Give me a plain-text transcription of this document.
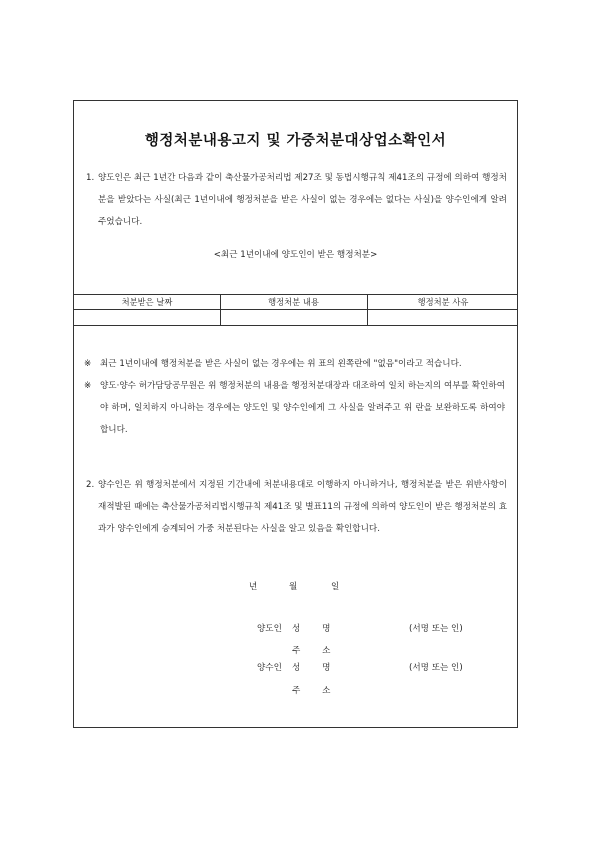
행정처분내용고지 및 가중처분대상업소확인서
1. 양도인은 최근 1년간 다음과 같이 축산물가공처리법 제27조 및 동법시행규칙 제41조의 규정에 의하여 행정처분을 받았다는 사실(최근 1년이내에 행정처분을 받은 사실이 없는 경우에는 없다는 사실)을 양수인에게 알려 주었습니다.
<최근 1년이내에 양도인이 받은 행정처분>
처분받은 날짜	행정처분 내용	행정처분 사유
※ 최근 1년이내에 행정처분을 받은 사실이 없는 경우에는 위 표의 왼쪽란에 "없음"이라고 적습니다.
※ 양도·양수 허가담당공무원은 위 행정처분의 내용을 행정처분대장과 대조하여 일치 하는지의 여부를 확인하여야 하며, 일치하지 아니하는 경우에는 양도인 및 양수인에게 그 사실을 알려주고 위 란을 보완하도록 하여야 합니다.
2. 양수인은 위 행정처분에서 지정된 기간내에 처분내용대로 이행하지 아니하거나, 행정처분을 받은 위반사항이 재적발된 때에는 축산물가공처리법시행규칙 제41조 및 별표11의 규정에 의하여 양도인이 받은 행정처분의 효과가 양수인에게 승계되어 가중 처분된다는 사실을 알고 있음을 확인합니다.
년	월	일
양도인 성        명	(서명 또는 인)
주        소
양수인 성        명	(서명 또는 인)
주        소
